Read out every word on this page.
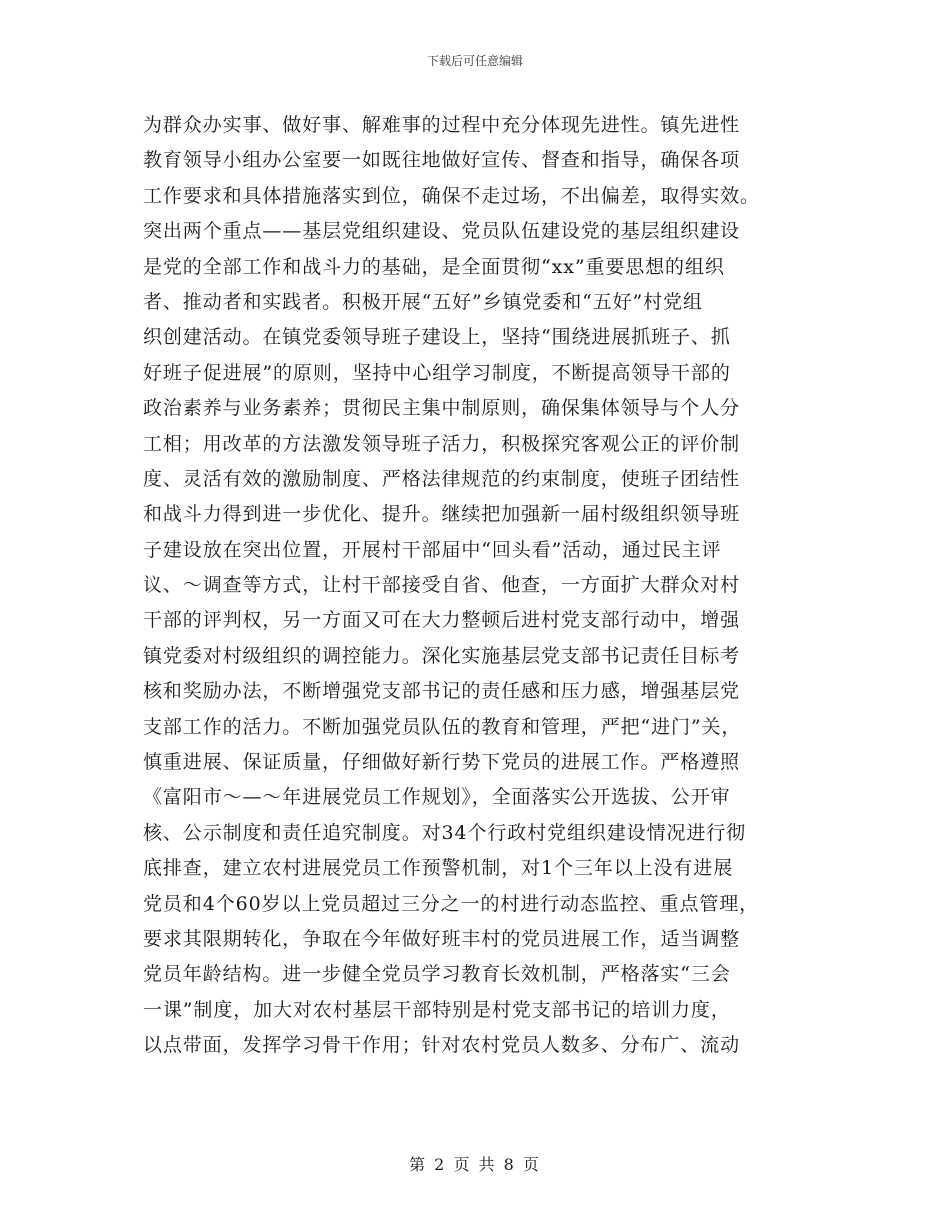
下载后可任意编辑
为群众办实事、做好事、解难事的过程中充分体现先进性。镇先进性
教育领导小组办公室要一如既往地做好宣传、督查和指导，确保各项
工作要求和具体措施落实到位，确保不走过场，不出偏差，取得实效。
突出两个重点——基层党组织建设、党员队伍建设党的基层组织建设
是党的全部工作和战斗力的基础，是全面贯彻“xx”重要思想的组织
者、推动者和实践者。积极开展“五好”乡镇党委和“五好”村党组
织创建活动。在镇党委领导班子建设上，坚持“围绕进展抓班子、抓
好班子促进展”的原则，坚持中心组学习制度，不断提高领导干部的
政治素养与业务素养；贯彻民主集中制原则，确保集体领导与个人分
工相；用改革的方法激发领导班子活力，积极探究客观公正的评价制
度、灵活有效的激励制度、严格法律规范的约束制度，使班子团结性
和战斗力得到进一步优化、提升。继续把加强新一届村级组织领导班
子建设放在突出位置，开展村干部届中“回头看”活动，通过民主评
议、～调查等方式，让村干部接受自省、他查，一方面扩大群众对村
干部的评判权，另一方面又可在大力整顿后进村党支部行动中，增强
镇党委对村级组织的调控能力。深化实施基层党支部书记责任目标考
核和奖励办法，不断增强党支部书记的责任感和压力感，增强基层党
支部工作的活力。不断加强党员队伍的教育和管理，严把“进门”关，
慎重进展、保证质量，仔细做好新行势下党员的进展工作。严格遵照
《富阳市～—～年进展党员工作规划》，全面落实公开选拔、公开审
核、公示制度和责任追究制度。对34个行政村党组织建设情况进行彻
底排查，建立农村进展党员工作预警机制，对1个三年以上没有进展
党员和4个60岁以上党员超过三分之一的村进行动态监控、重点管理，
要求其限期转化，争取在今年做好班丰村的党员进展工作，适当调整
党员年龄结构。进一步健全党员学习教育长效机制，严格落实“三会
一课”制度，加大对农村基层干部特别是村党支部书记的培训力度，
以点带面，发挥学习骨干作用；针对农村党员人数多、分布广、流动
第 2 页 共 8 页
